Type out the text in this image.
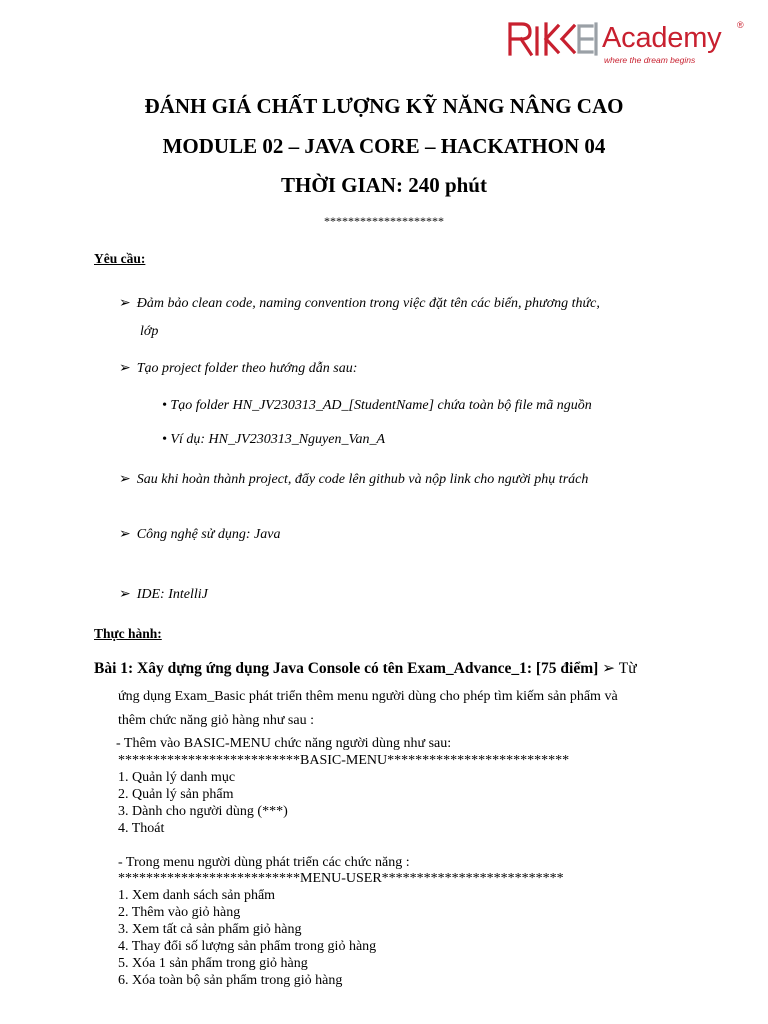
Academy ®
where the dream begins
ĐÁNH GIÁ CHẤT LƯỢNG KỸ NĂNG NÂNG CAO
MODULE 02 – JAVA CORE – HACKATHON 04
THỜI GIAN: 240 phút
********************
Yêu cầu:
➢ Đảm bảo clean code, naming convention trong việc đặt tên các biến, phương thức,
lớp
➢ Tạo project folder theo hướng dẫn sau:
• Tạo folder HN_JV230313_AD_[StudentName] chứa toàn bộ file mã nguồn
• Ví dụ: HN_JV230313_Nguyen_Van_A
➢ Sau khi hoàn thành project, đẩy code lên github và nộp link cho người phụ trách
➢ Công nghệ sử dụng: Java
➢ IDE: IntelliJ
Thực hành:
Bài 1: Xây dựng ứng dụng Java Console có tên Exam_Advance_1: [75 điểm] ➢ Từ
ứng dụng Exam_Basic phát triển thêm menu người dùng cho phép tìm kiếm sản phẩm và
thêm chức năng giỏ hàng như sau :
- Thêm vào BASIC-MENU chức năng người dùng như sau:
**************************BASIC-MENU**************************
1. Quản lý danh mục
2. Quản lý sản phẩm
3. Dành cho người dùng (***)
4. Thoát
- Trong menu người dùng phát triển các chức năng :
**************************MENU-USER**************************
1. Xem danh sách sản phẩm
2. Thêm vào giỏ hàng
3. Xem tất cả sản phẩm giỏ hàng
4. Thay đổi số lượng sản phẩm trong giỏ hàng
5. Xóa 1 sản phẩm trong giỏ hàng
6. Xóa toàn bộ sản phẩm trong giỏ hàng
